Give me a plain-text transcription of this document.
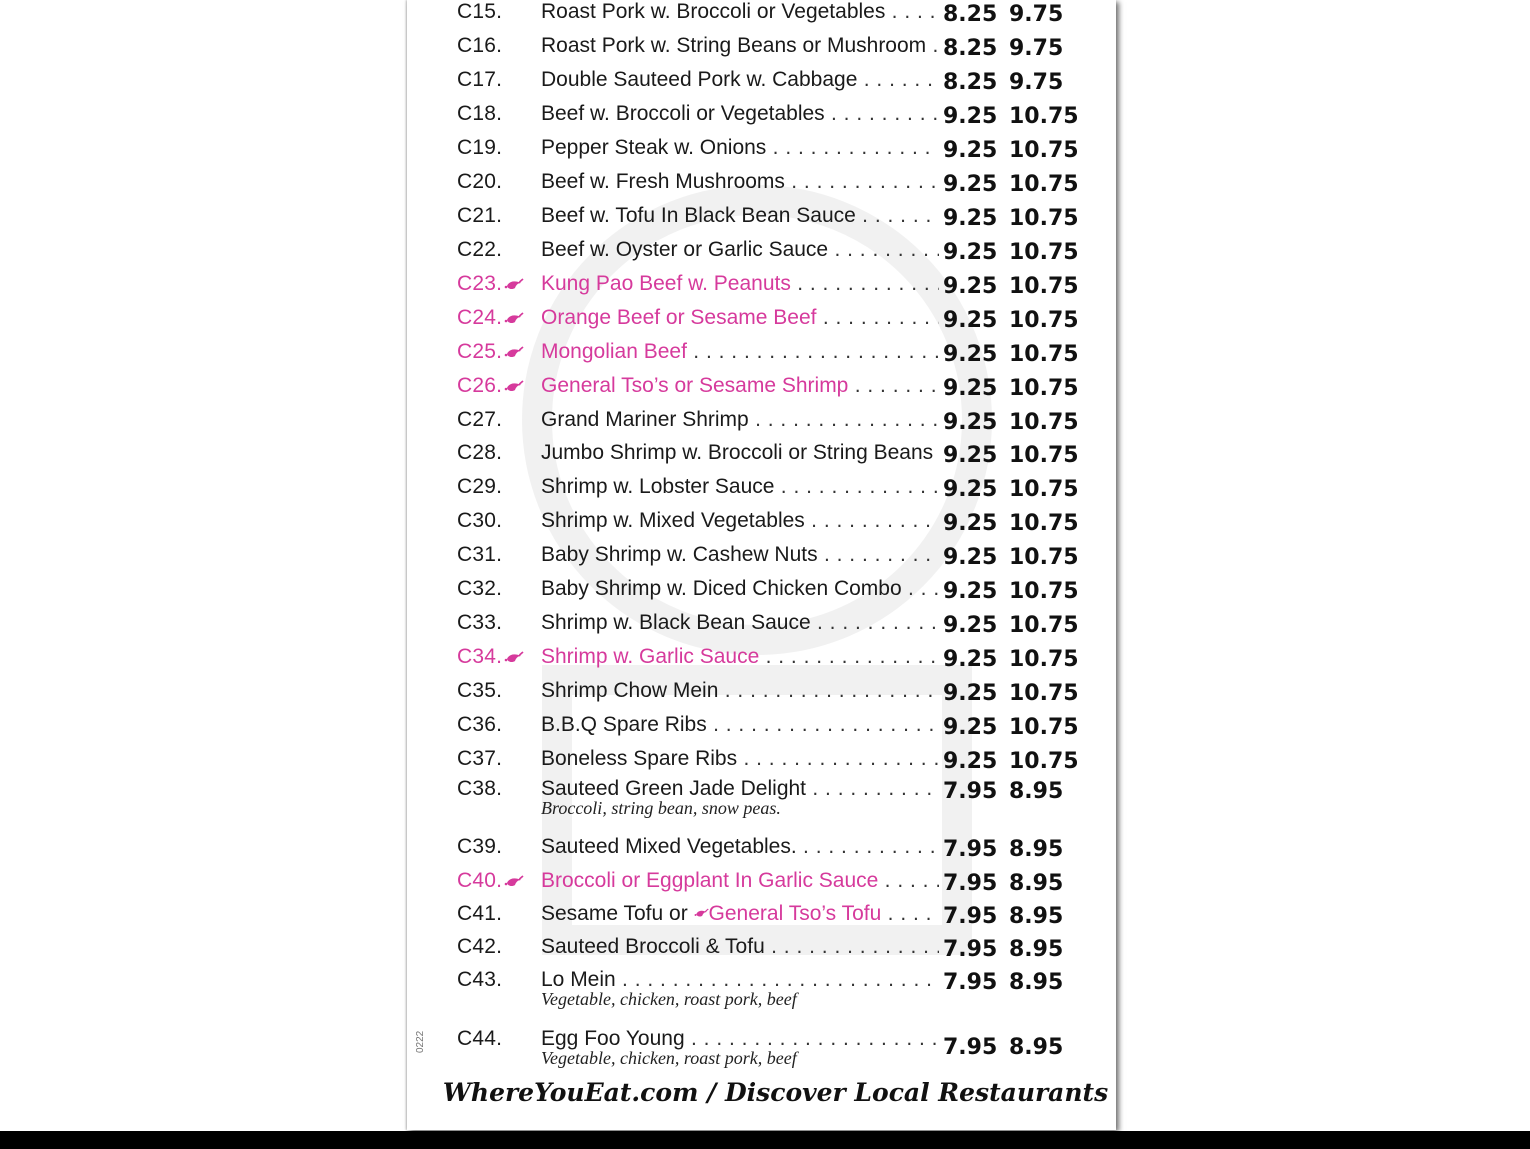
C15. Roast Pork w. Broccoli or Vegetables . . .	8.25 9.75
C16. Roast Pork w. String Beans or Mushroom . . . 8.25 9.75
C17. Double Sauteed Pork w. Cabbage . . .	8.25 9.75
C18. Beef w. Broccoli or Vegetables . . .	9.25 10.75
C19. Pepper Steak w. Onions . . .	9.25 10.75
C20. Beef w. Fresh Mushrooms . . .	9.25 10.75
C21. Beef w. Tofu In Black Bean Sauce . . .	9.25 10.75
C22. Beef w. Oyster or Garlic Sauce . . .	9.25 10.75
C23. Kung Pao Beef w. Peanuts . . .	9.25 10.75
C24. Orange Beef or Sesame Beef . . .	9.25 10.75
C25. Mongolian Beef . . .	9.25 10.75
C26. General Tso’s or Sesame Shrimp . . .	9.25 10.75
C27. Grand Mariner Shrimp . . .	9.25 10.75
C28. Jumbo Shrimp w. Broccoli or String Beans . . . 9.25 10.75
C29. Shrimp w. Lobster Sauce . . .	9.25 10.75
C30. Shrimp w. Mixed Vegetables . . .	9.25 10.75
C31. Baby Shrimp w. Cashew Nuts . . .	9.25 10.75
C32. Baby Shrimp w. Diced Chicken Combo . . .	9.25 10.75
C33. Shrimp w. Black Bean Sauce . . .	9.25 10.75
C34. Shrimp w. Garlic Sauce . . .	9.25 10.75
C35. Shrimp Chow Mein . . .	9.25 10.75
C36. B.B.Q Spare Ribs . . .	9.25 10.75
C37. Boneless Spare Ribs . . .	9.25 10.75
C38. Sauteed Green Jade Delight . . .	7.95 8.95
Broccoli, string bean, snow peas.
C39. Sauteed Mixed Vegetables. . . .	7.95 8.95
C40. Broccoli or Eggplant In Garlic Sauce . . .	7.95 8.95
C41. Sesame Tofu or General Tso’s Tofu . . .	7.95 8.95
C42. Sauteed Broccoli & Tofu . . .	7.95 8.95
C43. Lo Mein . . .	7.95 8.95
Vegetable, chicken, roast pork, beef
C44. Egg Foo Young . . .	7.95 8.95
Vegetable, chicken, roast pork, beef
0222
WhereYouEat.com / Discover Local Restaurants
